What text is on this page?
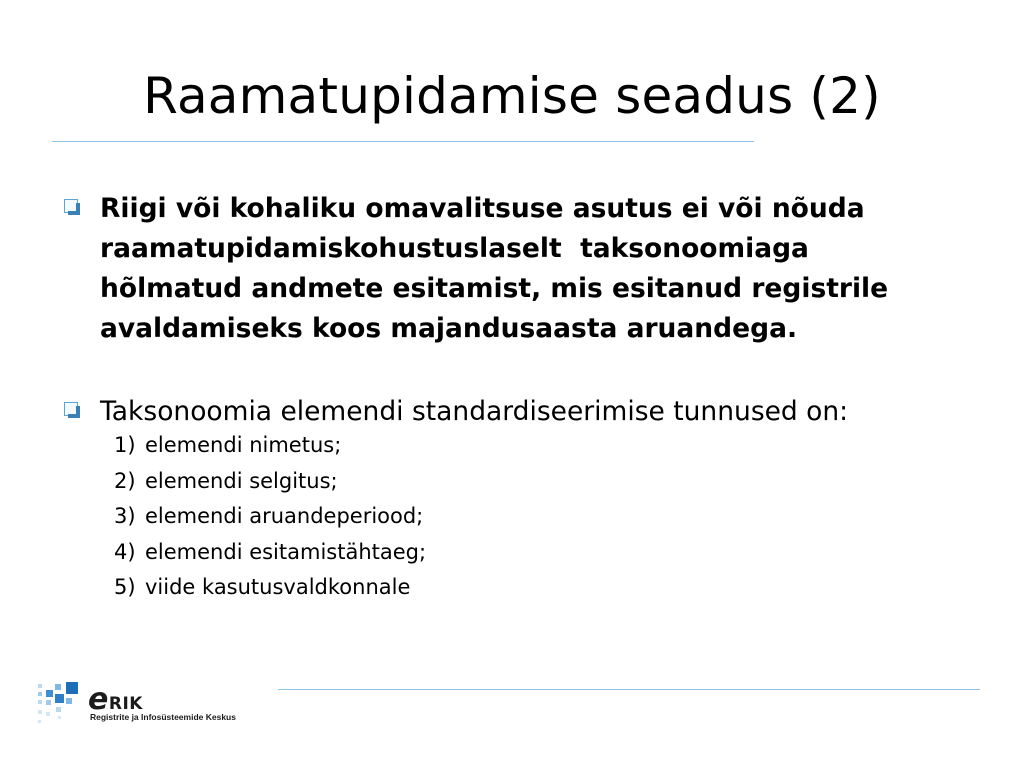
Raamatupidamise seadus (2)
Riigi või kohaliku omavalitsuse asutus ei või nõuda
raamatupidamiskohustuslaselt  taksonoomiaga
hõlmatud andmete esitamist, mis esitanud registrile
avaldamiseks koos majandusaasta aruandega.
Taksonoomia elemendi standardiseerimise tunnused on:
1) elemendi nimetus;
2) elemendi selgitus;
3) elemendi aruandeperiood;
4) elemendi esitamistähtaeg;
5) viide kasutusvaldkonnale
eRIK
Registrite ja Infosüsteemide Keskus
